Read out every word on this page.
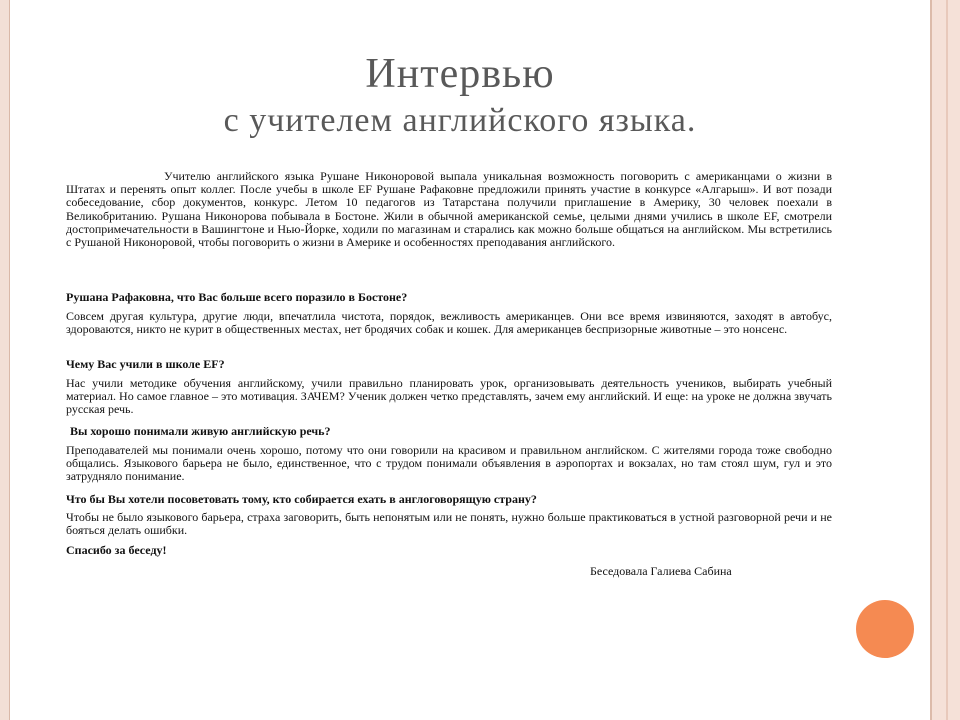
Интервью
с учителем английского языка.

Учителю английского языка Рушане Никоноровой выпала уникальная возможность поговорить с американцами о жизни в Штатах и перенять опыт коллег. После учебы в школе EF Рушане Рафаковне предложили принять участие в конкурсе «Алгарыш». И вот позади собеседование, сбор документов, конкурс. Летом 10 педагогов из Татарстана получили приглашение в Америку, 30 человек поехали в Великобританию. Рушана Никонорова побывала в Бостоне. Жили в обычной американской семье, целыми днями учились в школе EF, смотрели достопримечательности в Вашингтоне и Нью-Йорке, ходили по магазинам и старались как можно больше общаться на английском. Мы встретились с Рушаной Никоноровой, чтобы поговорить о жизни в Америке и особенностях преподавания английского.

Рушана Рафаковна, что Вас больше всего поразило в Бостоне?

Совсем другая культура, другие люди, впечатлила чистота, порядок, вежливость американцев. Они все время извиняются, заходят в автобус, здороваются, никто не курит в общественных местах, нет бродячих собак и кошек. Для американцев беспризорные животные – это нонсенс.

Чему Вас учили в школе EF?

Нас учили методике обучения английскому, учили правильно планировать урок, организовывать деятельность учеников, выбирать учебный материал. Но самое главное – это мотивация. ЗАЧЕМ? Ученик должен четко представлять, зачем ему английский. И еще: на уроке не должна звучать русская речь.

Вы хорошо понимали живую английскую речь?

Преподавателей мы понимали очень хорошо, потому что они говорили на красивом и правильном английском. С жителями города тоже свободно общались. Языкового барьера не было, единственное, что с трудом понимали объявления в аэропортах и вокзалах, но там стоял шум, гул и это затрудняло понимание.

Что бы Вы хотели посоветовать тому, кто собирается ехать в англоговорящую страну?

Чтобы не было языкового барьера, страха заговорить, быть непонятым или не понять, нужно больше практиковаться в устной разговорной речи и не бояться делать ошибки.

Спасибо за беседу!
Беседовала Галиева Сабина
